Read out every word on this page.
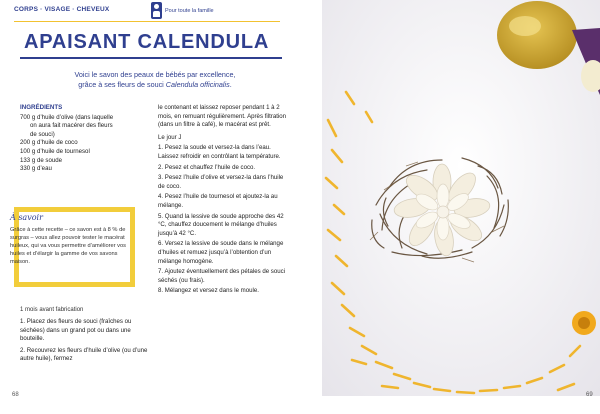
CORPS · VISAGE · CHEVEUX	Pour toute la famille
APAISANT CALENDULA
Voici le savon des peaux de bébés par excellence,
grâce à ses fleurs de souci Calendula officinalis.
INGRÉDIENTS
700 g d’huile d’olive (dans laquelle
on aura fait macérer des fleurs
de souci)
200 g d’huile de coco
100 g d’huile de tournesol
133 g de soude
330 g d’eau
À savoir
Grâce à cette recette – ce savon est à 8 % de surgras – vous allez pouvoir tester le macérat huileux, qui va vous permettre d’améliorer vos huiles et d’élargir la gamme de vos savons maison.
1 mois avant fabrication

1. Placez des fleurs de souci (fraîches ou séchées) dans un grand pot ou dans une bouteille.

2. Recouvrez les fleurs d’huile d’olive (ou d’une autre huile), fermez

le contenant et laissez reposer pendant 1 à 2 mois, en remuant régulièrement. Après filtration (dans un filtre à café), le macérat est prêt.
Le jour J
1. Pesez la soude et versez-la dans l’eau. Laissez refroidir en contrôlant la température.
2. Pesez et chauffez l’huile de coco.
3. Pesez l’huile d’olive et versez-la dans l’huile de coco.
4. Pesez l’huile de tournesol et ajoutez-la au mélange.
5. Quand la lessive de soude approche des 42 °C, chauffez doucement le mélange d’huiles jusqu’à 42 °C.
6. Versez la lessive de soude dans le mélange d’huiles et remuez jusqu’à l’obtention d’un mélange homogène.
7. Ajoutez éventuellement des pétales de souci séchés (ou frais).
8. Mélangez et versez dans le moule.
68	69
